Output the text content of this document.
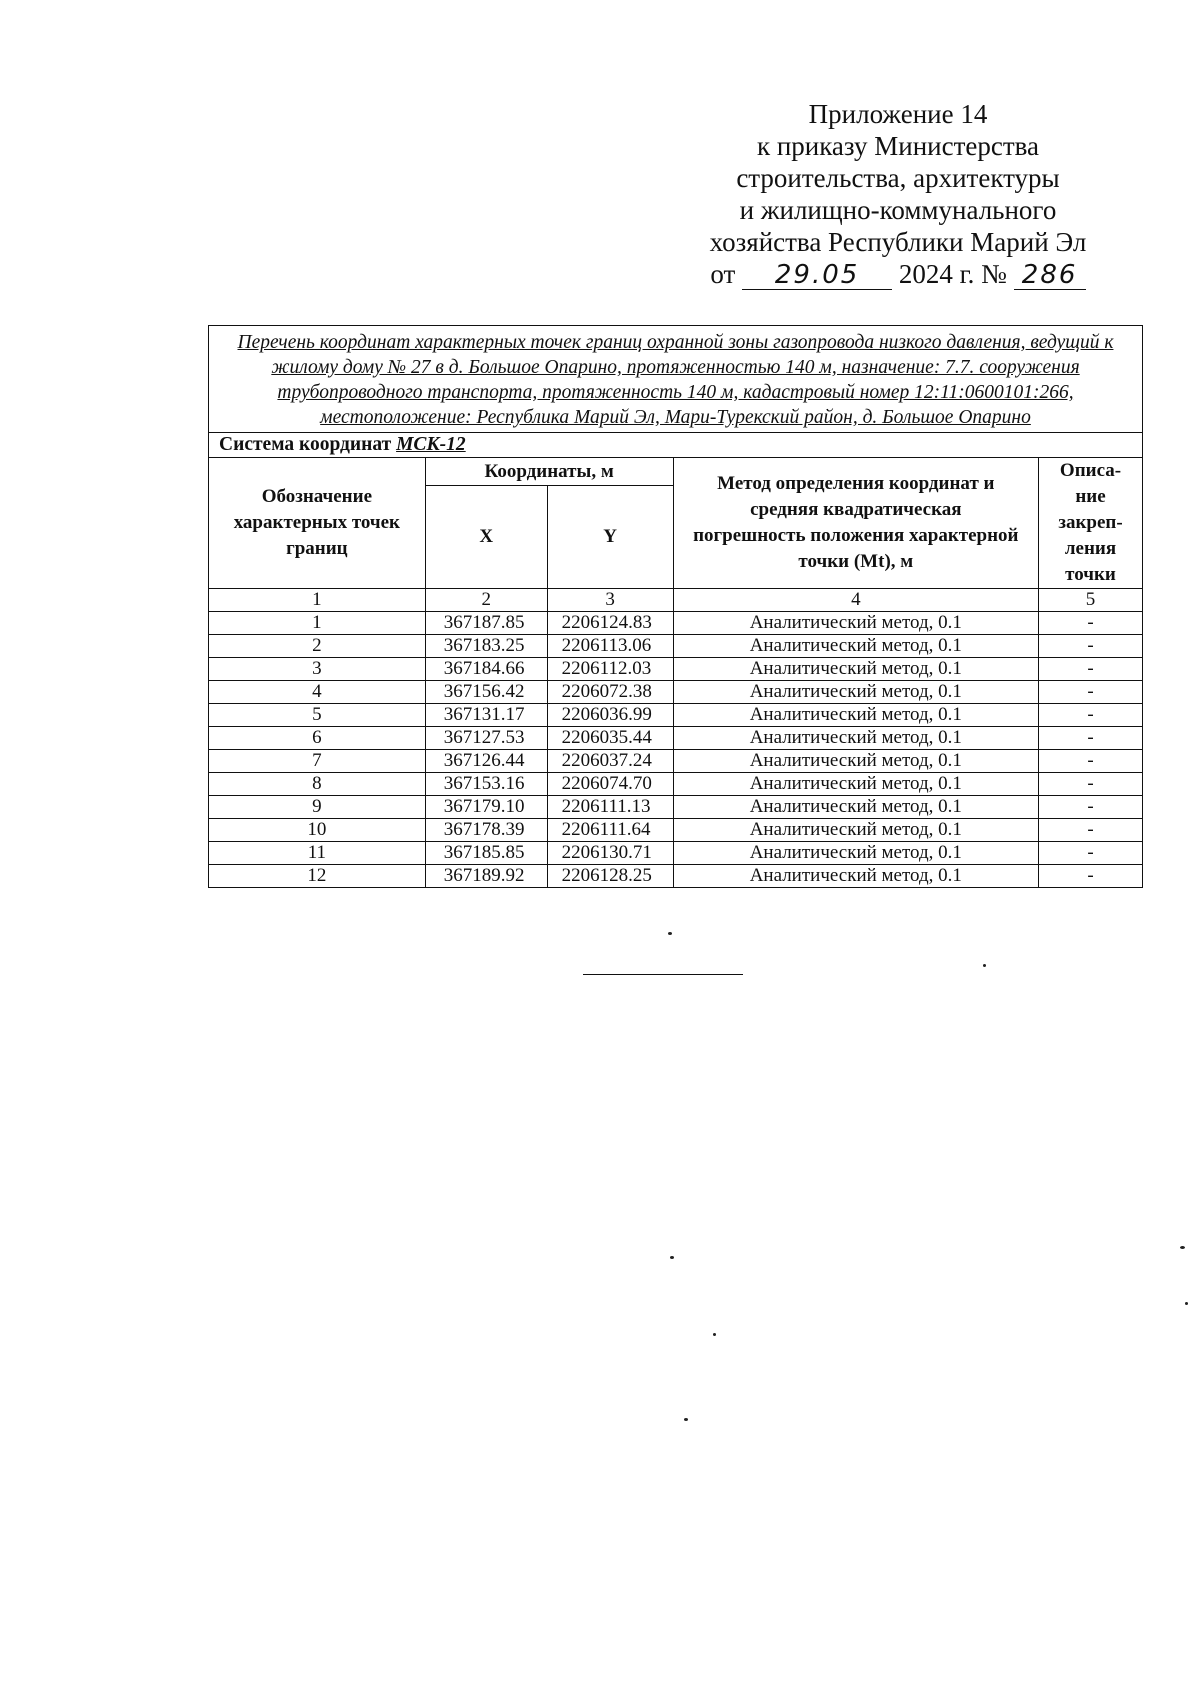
Приложение 14
к приказу Министерства
строительства, архитектуры
и жилищно-коммунального
хозяйства Республики Марий Эл
от 29.05 2024 г. № 286
Перечень координат характерных точек границ охранной зоны газопровода низкого давления, ведущий к жилому дому № 27 в д. Большое Опарино, протяженностью 140 м, назначение: 7.7. сооружения трубопроводного транспорта, протяженность 140 м, кадастровый номер 12:11:0600101:266, местоположение: Республика Марий Эл, Мари-Турекский район, д. Большое Опарино				
Система координат МСК-12				
Обозначение характерных точек границ	Координаты, м		Метод определения координат и средняя квадратическая погрешность положения характерной точки (Mt), м	Описа-ние закреп-ления точки
	X	Y		
1	2	3	4	5
1	367187.85	2206124.83	Аналитический метод, 0.1	-
2	367183.25	2206113.06	Аналитический метод, 0.1	-
3	367184.66	2206112.03	Аналитический метод, 0.1	-
4	367156.42	2206072.38	Аналитический метод, 0.1	-
5	367131.17	2206036.99	Аналитический метод, 0.1	-
6	367127.53	2206035.44	Аналитический метод, 0.1	-
7	367126.44	2206037.24	Аналитический метод, 0.1	-
8	367153.16	2206074.70	Аналитический метод, 0.1	-
9	367179.10	2206111.13	Аналитический метод, 0.1	-
10	367178.39	2206111.64	Аналитический метод, 0.1	-
11	367185.85	2206130.71	Аналитический метод, 0.1	-
12	367189.92	2206128.25	Аналитический метод, 0.1	-
